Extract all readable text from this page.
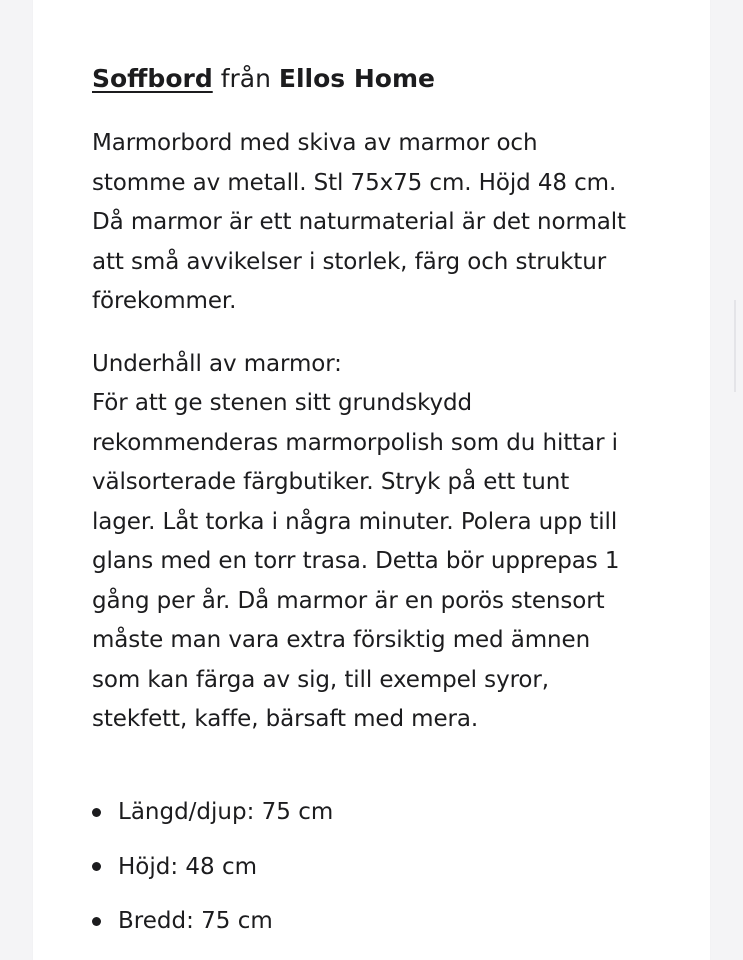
Soffbord från Ellos Home

Marmorbord med skiva av marmor och
stomme av metall. Stl 75x75 cm. Höjd 48 cm.
Då marmor är ett naturmaterial är det normalt
att små avvikelser i storlek, färg och struktur
förekommer.

Underhåll av marmor:
För att ge stenen sitt grundskydd
rekommenderas marmorpolish som du hittar i
välsorterade färgbutiker. Stryk på ett tunt
lager. Låt torka i några minuter. Polera upp till
glans med en torr trasa. Detta bör upprepas 1
gång per år. Då marmor är en porös stensort
måste man vara extra försiktig med ämnen
som kan färga av sig, till exempel syror,
stekfett, kaffe, bärsaft med mera.

Längd/djup: 75 cm
Höjd: 48 cm
Bredd: 75 cm
